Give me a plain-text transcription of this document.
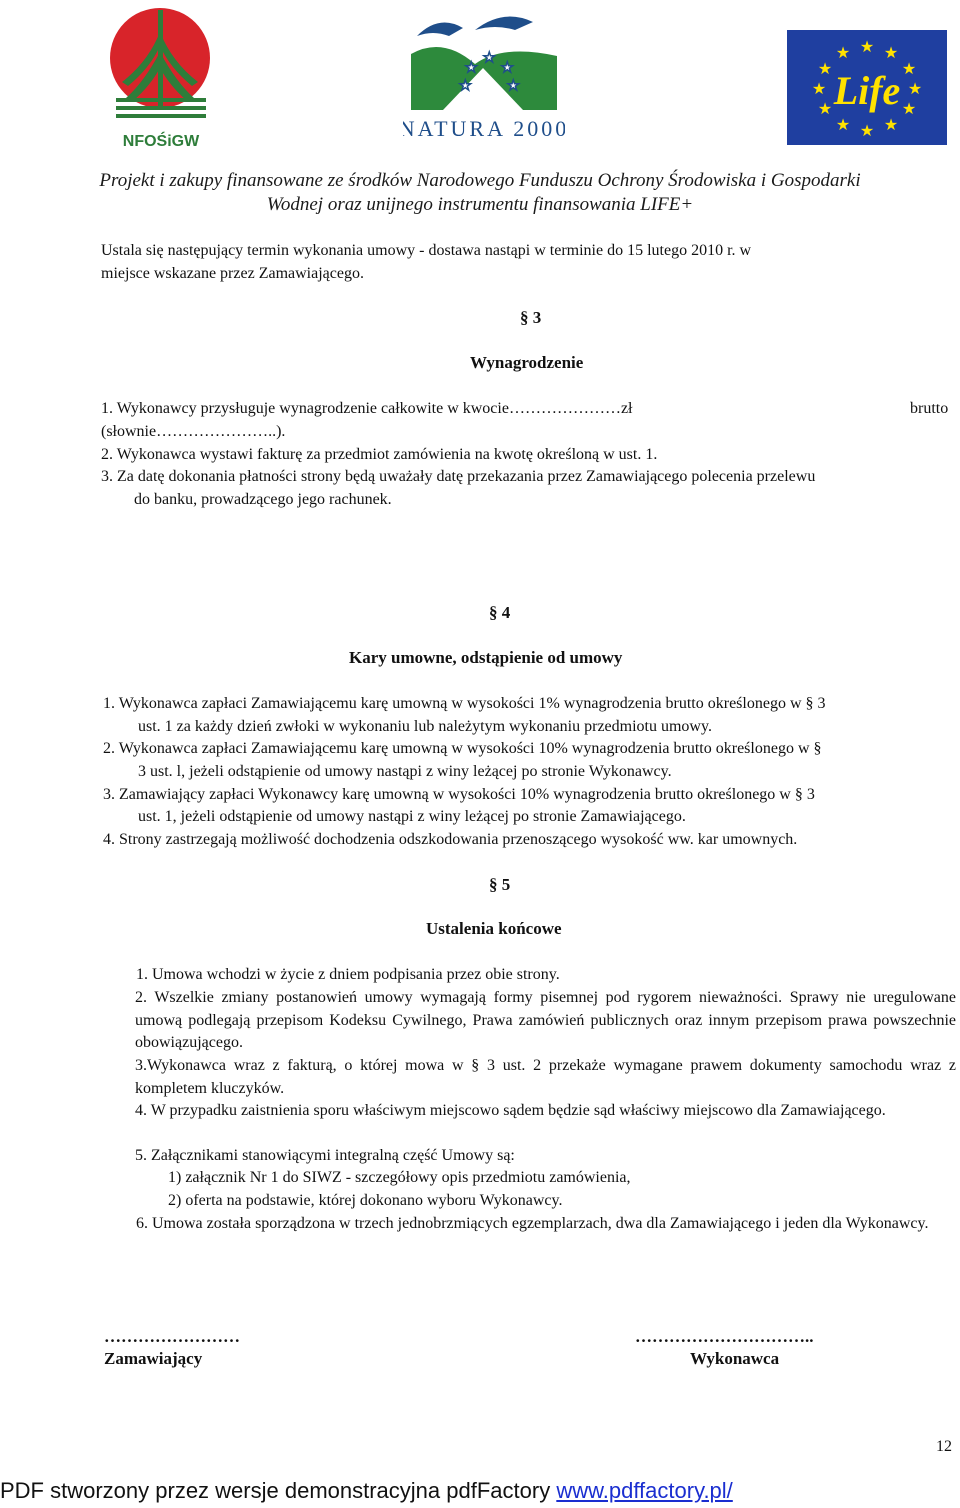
NFOŚiGW
★
★
★
★	★
NATURA 2000
★ ★
★
★
★
★
★
★
★
★
★
★
Life
Projekt i zakupy finansowane ze środków Narodowego Funduszu Ochrony Środowiska i Gospodarki
Wodnej oraz unijnego instrumentu finansowania LIFE+
Ustala się następujący termin wykonania umowy - dostawa nastąpi w terminie do 15 lutego 2010 r. w
miejsce wskazane przez Zamawiającego.
§ 3
Wynagrodzenie
1. Wykonawcy przysługuje wynagrodzenie całkowite w kwocie…………………zł	brutto
(słownie…………………..).
2. Wykonawca wystawi fakturę za przedmiot zamówienia na kwotę określoną w ust. 1.
3. Za datę dokonania płatności strony będą uważały datę przekazania przez Zamawiającego polecenia przelewu
do banku, prowadzącego jego rachunek.
§ 4
Kary umowne, odstąpienie od umowy
1. Wykonawca zapłaci Zamawiającemu karę umowną w wysokości 1% wynagrodzenia brutto określonego w § 3
ust. 1 za każdy dzień zwłoki w wykonaniu lub należytym wykonaniu przedmiotu umowy.
2. Wykonawca zapłaci Zamawiającemu karę umowną w wysokości 10% wynagrodzenia brutto określonego w §
3 ust. l, jeżeli odstąpienie od umowy nastąpi z winy leżącej po stronie Wykonawcy.
3. Zamawiający zapłaci Wykonawcy karę umowną w wysokości 10% wynagrodzenia brutto określonego w § 3
ust. 1, jeżeli odstąpienie od umowy nastąpi z winy leżącej po stronie Zamawiającego.
4. Strony zastrzegają możliwość dochodzenia odszkodowania przenoszącego wysokość ww. kar umownych.
§ 5
Ustalenia końcowe
1. Umowa wchodzi w życie z dniem podpisania przez obie strony.
2. Wszelkie zmiany postanowień umowy wymagają formy pisemnej pod rygorem nieważności. Sprawy nie uregulowane umową podlegają przepisom Kodeksu Cywilnego, Prawa zamówień publicznych oraz innym przepisom prawa powszechnie obowiązującego.
3.Wykonawca wraz z fakturą, o której mowa w § 3 ust. 2 przekaże wymagane prawem dokumenty samochodu wraz z kompletem kluczyków.
4. W przypadku zaistnienia sporu właściwym miejscowo sądem będzie sąd właściwy miejscowo dla Zamawiającego.
5. Załącznikami stanowiącymi integralną część Umowy są:
1) załącznik Nr 1 do SIWZ - szczegółowy opis przedmiotu zamówienia,
2) oferta na podstawie, której dokonano wyboru Wykonawcy.
6. Umowa została sporządzona w trzech jednobrzmiących egzemplarzach, dwa dla Zamawiającego i jeden dla Wykonawcy.
……………………
Zamawiający
…………………………..
Wykonawca
12
PDF stworzony przez wersje demonstracyjna pdfFactory www.pdffactory.pl/
